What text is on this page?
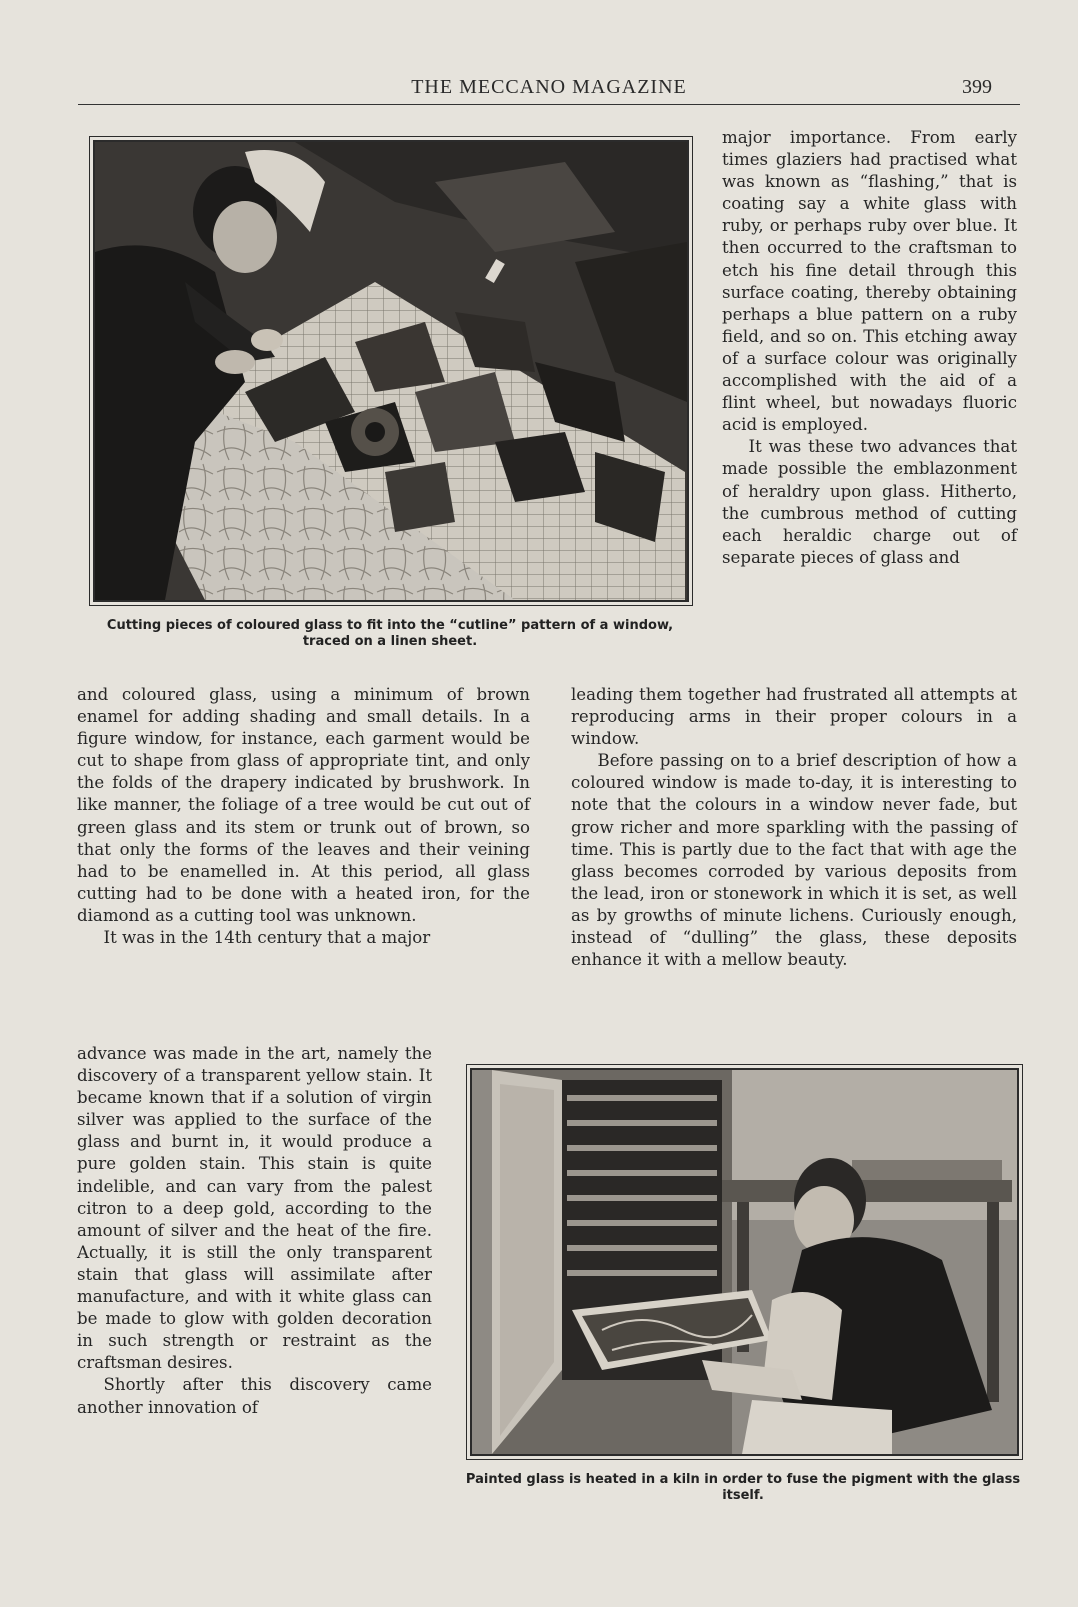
THE MECCANO MAGAZINE	399
Cutting pieces of coloured glass to fit into the “cutline” pattern of a window, traced on a linen sheet.

major importance. From early times glaziers had practised what was known as “flashing,” that is coating say a white glass with ruby, or perhaps ruby over blue. It then occurred to the craftsman to etch his fine detail through this surface coating, thereby obtaining perhaps a blue pattern on a ruby field, and so on. This etching away of a surface colour was originally accomplished with the aid of a flint wheel, but nowadays fluoric acid is employed.

It was these two advances that made possible the emblazonment of heraldry upon glass. Hitherto, the cumbrous method of cutting each heraldic charge out of separate pieces of glass and

and coloured glass, using a minimum of brown enamel for adding shading and small details. In a figure window, for instance, each garment would be cut to shape from glass of appropriate tint, and only the folds of the drapery indicated by brushwork. In like manner, the foliage of a tree would be cut out of green glass and its stem or trunk out of brown, so that only the forms of the leaves and their veining had to be enamelled in. At this period, all glass cutting had to be done with a heated iron, for the diamond as a cutting tool was unknown.

It was in the 14th century that a major

advance was made in the art, namely the discovery of a transparent yellow stain. It became known that if a solution of virgin silver was applied to the surface of the glass and burnt in, it would produce a pure golden stain. This stain is quite indelible, and can vary from the palest citron to a deep gold, according to the amount of silver and the heat of the fire. Actually, it is still the only transparent stain that glass will assimilate after manufacture, and with it white glass can be made to glow with golden decoration in such strength or restraint as the craftsman desires.

Shortly after this discovery came another innovation of

leading them together had frustrated all attempts at reproducing arms in their proper colours in a window.

Before passing on to a brief description of how a coloured window is made to-day, it is interesting to note that the colours in a window never fade, but grow richer and more sparkling with the passing of time. This is partly due to the fact that with age the glass becomes corroded by various deposits from the lead, iron or stonework in which it is set, as well as by growths of minute lichens. Curiously enough, instead of “dulling” the glass, these deposits enhance it with a mellow beauty.

Painted glass is heated in a kiln in order to fuse the pigment with the glass itself.
